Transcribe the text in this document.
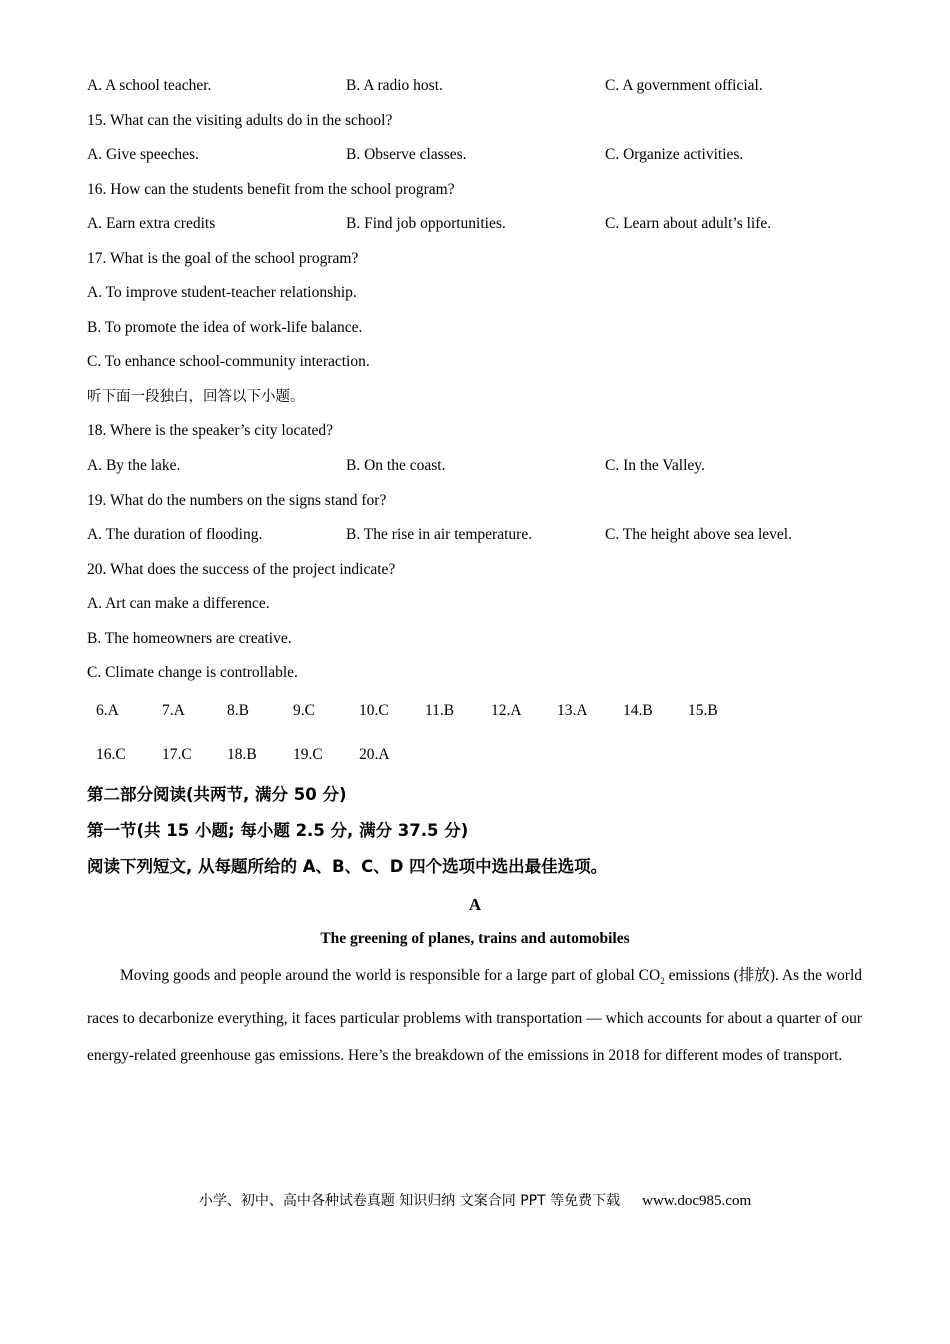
A. A school teacher.	B. A radio host.	C. A government official.
15. What can the visiting adults do in the school?
A. Give speeches.	B. Observe classes.	C. Organize activities.
16. How can the students benefit from the school program?
A. Earn extra credits	B. Find job opportunities.	C. Learn about adult’s life.
17. What is the goal of the school program?
A. To improve student-teacher relationship.
B. To promote the idea of work-life balance.
C. To enhance school-community interaction.
听下面一段独白，回答以下小题。
18. Where is the speaker’s city located?
A. By the lake.	B. On the coast.	C. In the Valley.
19. What do the numbers on the signs stand for?
A. The duration of flooding.	B. The rise in air temperature.	C. The height above sea level.
20. What does the success of the project indicate?
A. Art can make a difference.
B. The homeowners are creative.
C. Climate change is controllable.
6.A	7.A	8.B	9.C	10.C 11.B 12.A 13.A 14.B 15.B
16.C 17.C 18.B 19.C 20.A
第二部分阅读(共两节, 满分 50 分)
第一节(共 15 小题; 每小题 2.5 分, 满分 37.5 分)
阅读下列短文, 从每题所给的 A、B、C、D 四个选项中选出最佳选项。
A
The greening of planes, trains and automobiles
Moving goods and people around the world is responsible for a large part of global $CO_2$ emissions (排放). As the world races to decarbonize everything, it faces particular problems with transportation — which accounts for about a quarter of our energy-related greenhouse gas emissions. Here’s the breakdown of the emissions in 2018 for different modes of transport.
小学、初中、高中各种试卷真题 知识归纳 文案合同 PPT 等免费下载 www.doc985.com
